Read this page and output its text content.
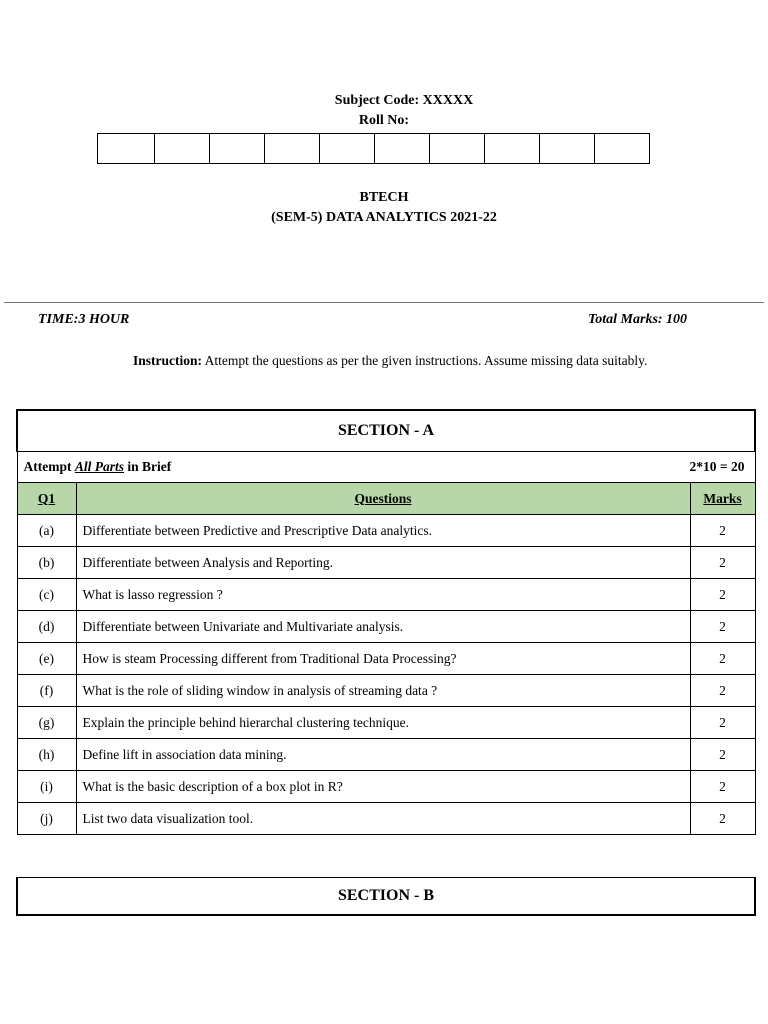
Subject Code: XXXXX
Roll No:
BTECH
(SEM-5) DATA ANALYTICS 2021-22
TIME:3 HOUR	Total Marks: 100
Instruction: Attempt the questions as per the given instructions. Assume missing data suitably.
SECTION - A		
Attempt All Parts in Brief 2*10 = 20		

Q1	Questions	Marks
(a)	Differentiate between Predictive and Prescriptive Data analytics.	2
(b)	Differentiate between Analysis and Reporting.	2
(c)	What is lasso regression ?	2
(d)	Differentiate between Univariate and Multivariate analysis.	2
(e)	How is steam Processing different from Traditional Data Processing?	2
(f)	What is the role of sliding window in analysis of streaming data ?	2
(g)	Explain the principle behind hierarchal clustering technique.	2
(h)	Define lift in association data mining.	2
(i)	What is the basic description of a box plot in R?	2
(j)	List two data visualization tool.	2
SECTION - B
